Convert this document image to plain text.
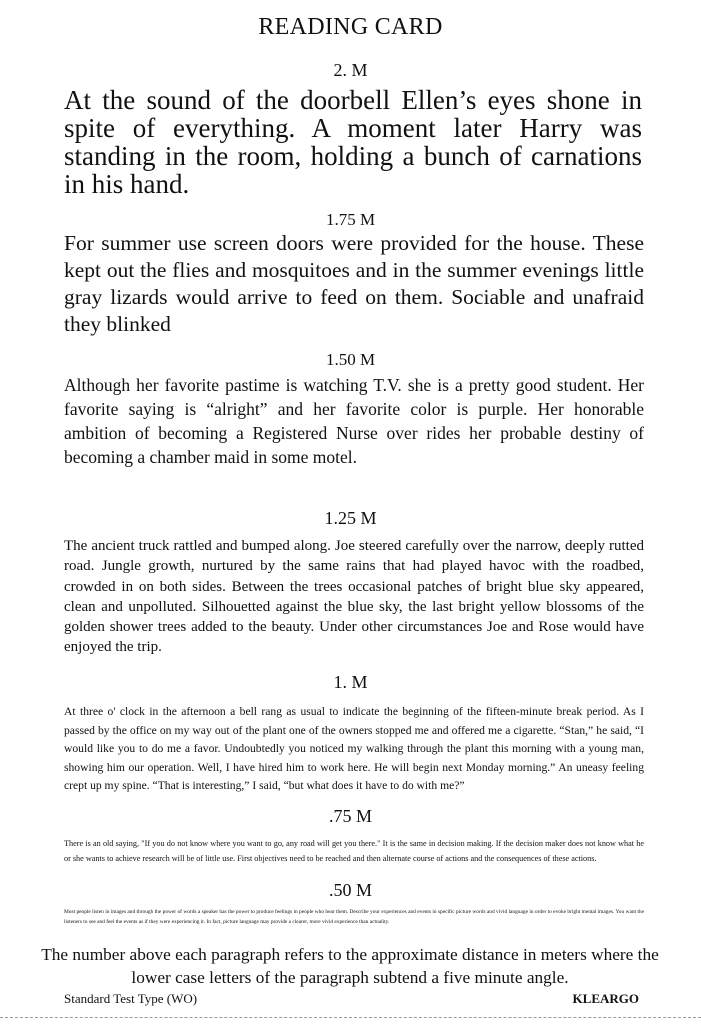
READING CARD
2. M

At the sound of the doorbell Ellen’s eyes shone in spite of everything. A moment later Harry was standing in the room, holding a bunch of carnations in his hand.

1.75 M

For summer use screen doors were provided for the house. These kept out the flies and mosquitoes and in the summer evenings little gray lizards would arrive to feed on them. Sociable and unafraid they blinked

1.50 M

Although her favorite pastime is watching T.V. she is a pretty good student. Her favorite saying is “alright” and her favorite color is purple. Her honorable ambition of becoming a Registered Nurse over rides her probable destiny of becoming a chamber maid in some motel.

1.25 M

The ancient truck rattled and bumped along. Joe steered carefully over the narrow, deeply rutted road. Jungle growth, nurtured by the same rains that had played havoc with the roadbed, crowded in on both sides. Between the trees occasional patches of bright blue sky appeared, clean and unpolluted. Silhouetted against the blue sky, the last bright yellow blossoms of the golden shower trees added to the beauty. Under other circumstances Joe and Rose would have enjoyed the trip.

1. M

At three o' clock in the afternoon a bell rang as usual to indicate the beginning of the fifteen-minute break period. As I passed by the office on my way out of the plant one of the owners stopped me and offered me a cigarette. “Stan,” he said, “I would like you to do me a favor. Undoubtedly you noticed my walking through the plant this morning with a young man, showing him our operation. Well, I have hired him to work here. He will begin next Monday morning.” An uneasy feeling crept up my spine. “That is interesting,” I said, “but what does it have to do with me?”

.75 M

There is an old saying, "If you do not know where you want to go, any road will get you there." It is the same in decision making. If the decision maker does not know what he or she wants to achieve research will be of little use. First objectives need to be reached and then alternate course of actions and the consequences of these actions.

.50 M

Most people listen in images and through the power of words a speaker has the power to produce feelings in people who hear them. Describe your experiences and events in specific picture words and vivid language in order to evoke bright mental images. You want the listeners to see and feel the events as if they were experiencing it. In fact, picture language may provide a clearer, more vivid experience than actuality.

The number above each paragraph refers to the approximate distance in meters where the lower case letters of the paragraph subtend a five minute angle.

Standard Test Type (WO)	KLEARGO
